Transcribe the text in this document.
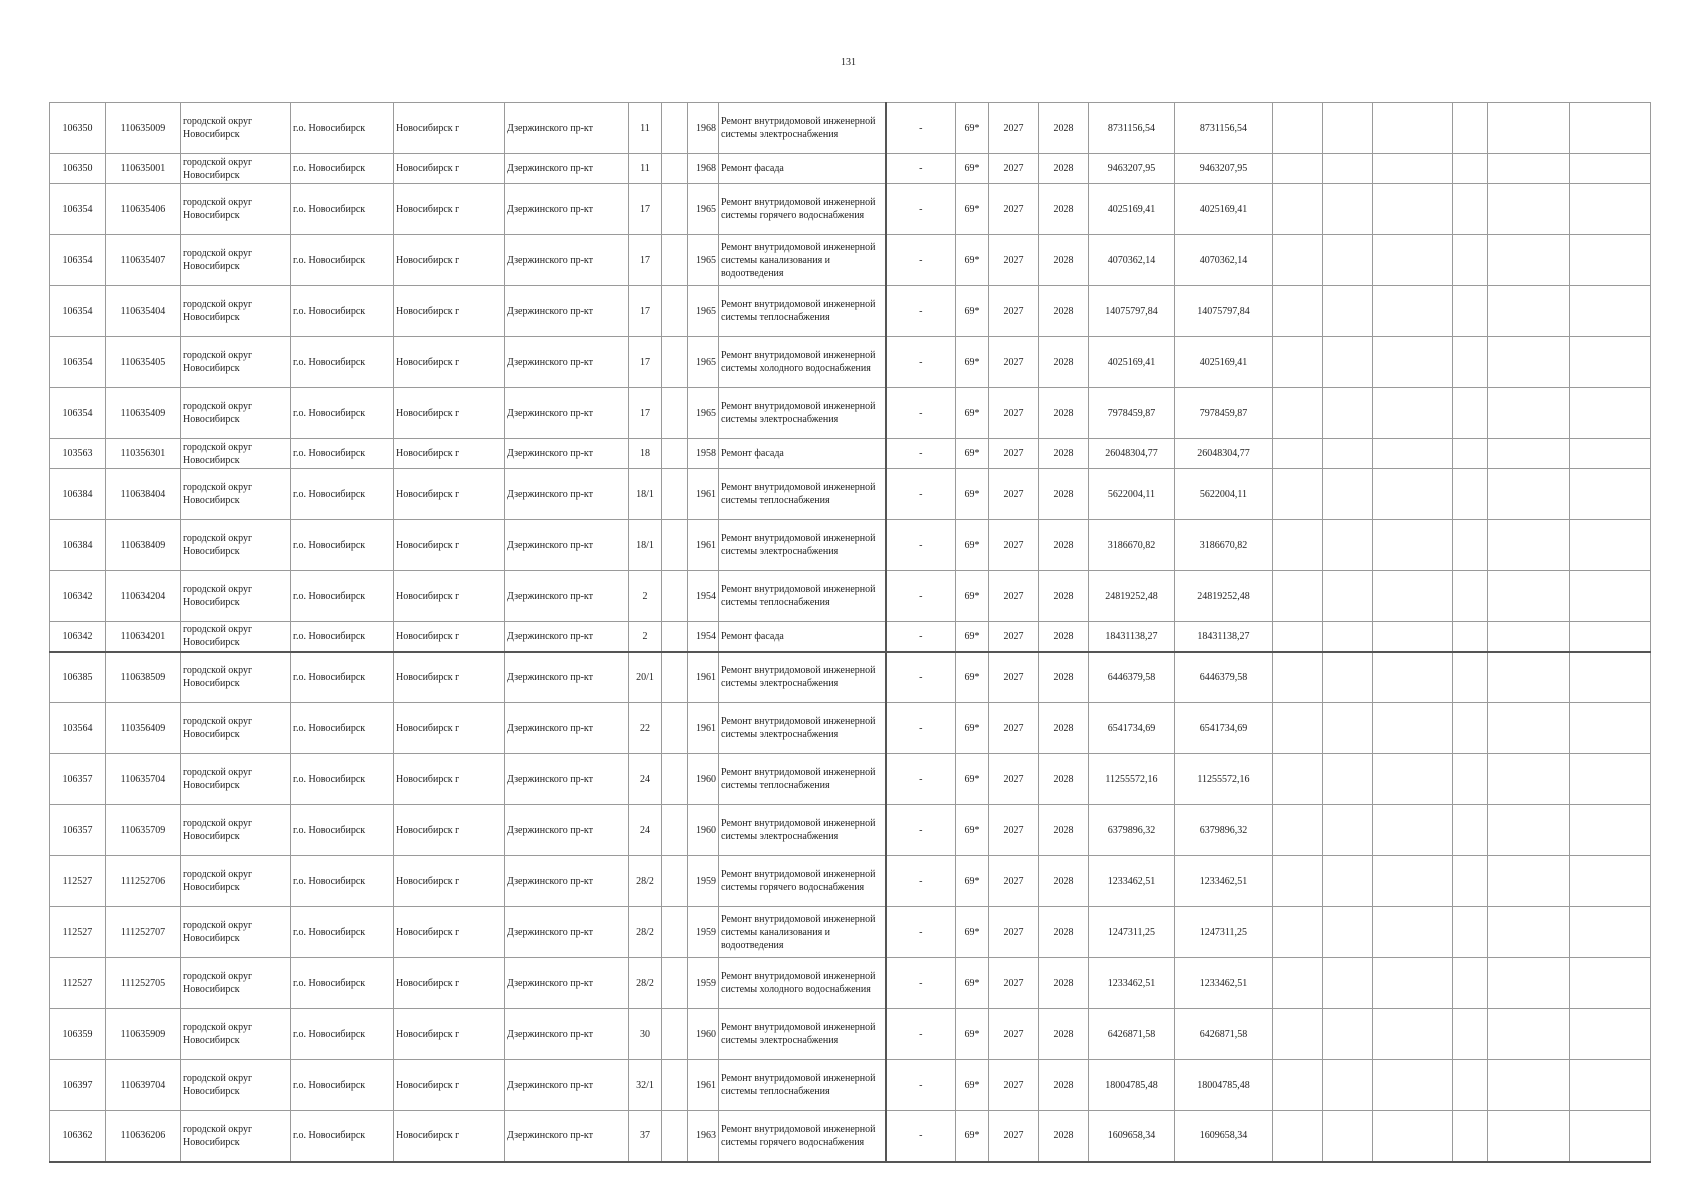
131
106350	110635009	городской округ Новосибирск	г.о. Новосибирск	Новосибирск г	Дзержинского пр-кт	11		1968	Ремонт внутридомовой инженерной системы электроснабжения	-	69*	2027	2028	8731156,54	8731156,54						
106350	110635001	городской округ Новосибирск	г.о. Новосибирск	Новосибирск г	Дзержинского пр-кт	11		1968	Ремонт фасада	-	69*	2027	2028	9463207,95	9463207,95						
106354	110635406	городской округ Новосибирск	г.о. Новосибирск	Новосибирск г	Дзержинского пр-кт	17		1965	Ремонт внутридомовой инженерной системы горячего водоснабжения	-	69*	2027	2028	4025169,41	4025169,41						
106354	110635407	городской округ Новосибирск	г.о. Новосибирск	Новосибирск г	Дзержинского пр-кт	17		1965	Ремонт внутридомовой инженерной системы канализования и водоотведения	-	69*	2027	2028	4070362,14	4070362,14						
106354	110635404	городской округ Новосибирск	г.о. Новосибирск	Новосибирск г	Дзержинского пр-кт	17		1965	Ремонт внутридомовой инженерной системы теплоснабжения	-	69*	2027	2028	14075797,84	14075797,84						
106354	110635405	городской округ Новосибирск	г.о. Новосибирск	Новосибирск г	Дзержинского пр-кт	17		1965	Ремонт внутридомовой инженерной системы холодного водоснабжения	-	69*	2027	2028	4025169,41	4025169,41						
106354	110635409	городской округ Новосибирск	г.о. Новосибирск	Новосибирск г	Дзержинского пр-кт	17		1965	Ремонт внутридомовой инженерной системы электроснабжения	-	69*	2027	2028	7978459,87	7978459,87						
103563	110356301	городской округ Новосибирск	г.о. Новосибирск	Новосибирск г	Дзержинского пр-кт	18		1958	Ремонт фасада	-	69*	2027	2028	26048304,77	26048304,77						
106384	110638404	городской округ Новосибирск	г.о. Новосибирск	Новосибирск г	Дзержинского пр-кт	18/1		1961	Ремонт внутридомовой инженерной системы теплоснабжения	-	69*	2027	2028	5622004,11	5622004,11						
106384	110638409	городской округ Новосибирск	г.о. Новосибирск	Новосибирск г	Дзержинского пр-кт	18/1		1961	Ремонт внутридомовой инженерной системы электроснабжения	-	69*	2027	2028	3186670,82	3186670,82						
106342	110634204	городской округ Новосибирск	г.о. Новосибирск	Новосибирск г	Дзержинского пр-кт	2		1954	Ремонт внутридомовой инженерной системы теплоснабжения	-	69*	2027	2028	24819252,48	24819252,48						
106342	110634201	городской округ Новосибирск	г.о. Новосибирск	Новосибирск г	Дзержинского пр-кт	2		1954	Ремонт фасада	-	69*	2027	2028	18431138,27	18431138,27						
106385	110638509	городской округ Новосибирск	г.о. Новосибирск	Новосибирск г	Дзержинского пр-кт	20/1		1961	Ремонт внутридомовой инженерной системы электроснабжения	-	69*	2027	2028	6446379,58	6446379,58						
103564	110356409	городской округ Новосибирск	г.о. Новосибирск	Новосибирск г	Дзержинского пр-кт	22		1961	Ремонт внутридомовой инженерной системы электроснабжения	-	69*	2027	2028	6541734,69	6541734,69						
106357	110635704	городской округ Новосибирск	г.о. Новосибирск	Новосибирск г	Дзержинского пр-кт	24		1960	Ремонт внутридомовой инженерной системы теплоснабжения	-	69*	2027	2028	11255572,16	11255572,16						
106357	110635709	городской округ Новосибирск	г.о. Новосибирск	Новосибирск г	Дзержинского пр-кт	24		1960	Ремонт внутридомовой инженерной системы электроснабжения	-	69*	2027	2028	6379896,32	6379896,32						
112527	111252706	городской округ Новосибирск	г.о. Новосибирск	Новосибирск г	Дзержинского пр-кт	28/2		1959	Ремонт внутридомовой инженерной системы горячего водоснабжения	-	69*	2027	2028	1233462,51	1233462,51						
112527	111252707	городской округ Новосибирск	г.о. Новосибирск	Новосибирск г	Дзержинского пр-кт	28/2		1959	Ремонт внутридомовой инженерной системы канализования и водоотведения	-	69*	2027	2028	1247311,25	1247311,25						
112527	111252705	городской округ Новосибирск	г.о. Новосибирск	Новосибирск г	Дзержинского пр-кт	28/2		1959	Ремонт внутридомовой инженерной системы холодного водоснабжения	-	69*	2027	2028	1233462,51	1233462,51						
106359	110635909	городской округ Новосибирск	г.о. Новосибирск	Новосибирск г	Дзержинского пр-кт	30		1960	Ремонт внутридомовой инженерной системы электроснабжения	-	69*	2027	2028	6426871,58	6426871,58						
106397	110639704	городской округ Новосибирск	г.о. Новосибирск	Новосибирск г	Дзержинского пр-кт	32/1		1961	Ремонт внутридомовой инженерной системы теплоснабжения	-	69*	2027	2028	18004785,48	18004785,48						
106362	110636206	городской округ Новосибирск	г.о. Новосибирск	Новосибирск г	Дзержинского пр-кт	37		1963	Ремонт внутридомовой инженерной системы горячего водоснабжения	-	69*	2027	2028	1609658,34	1609658,34						
